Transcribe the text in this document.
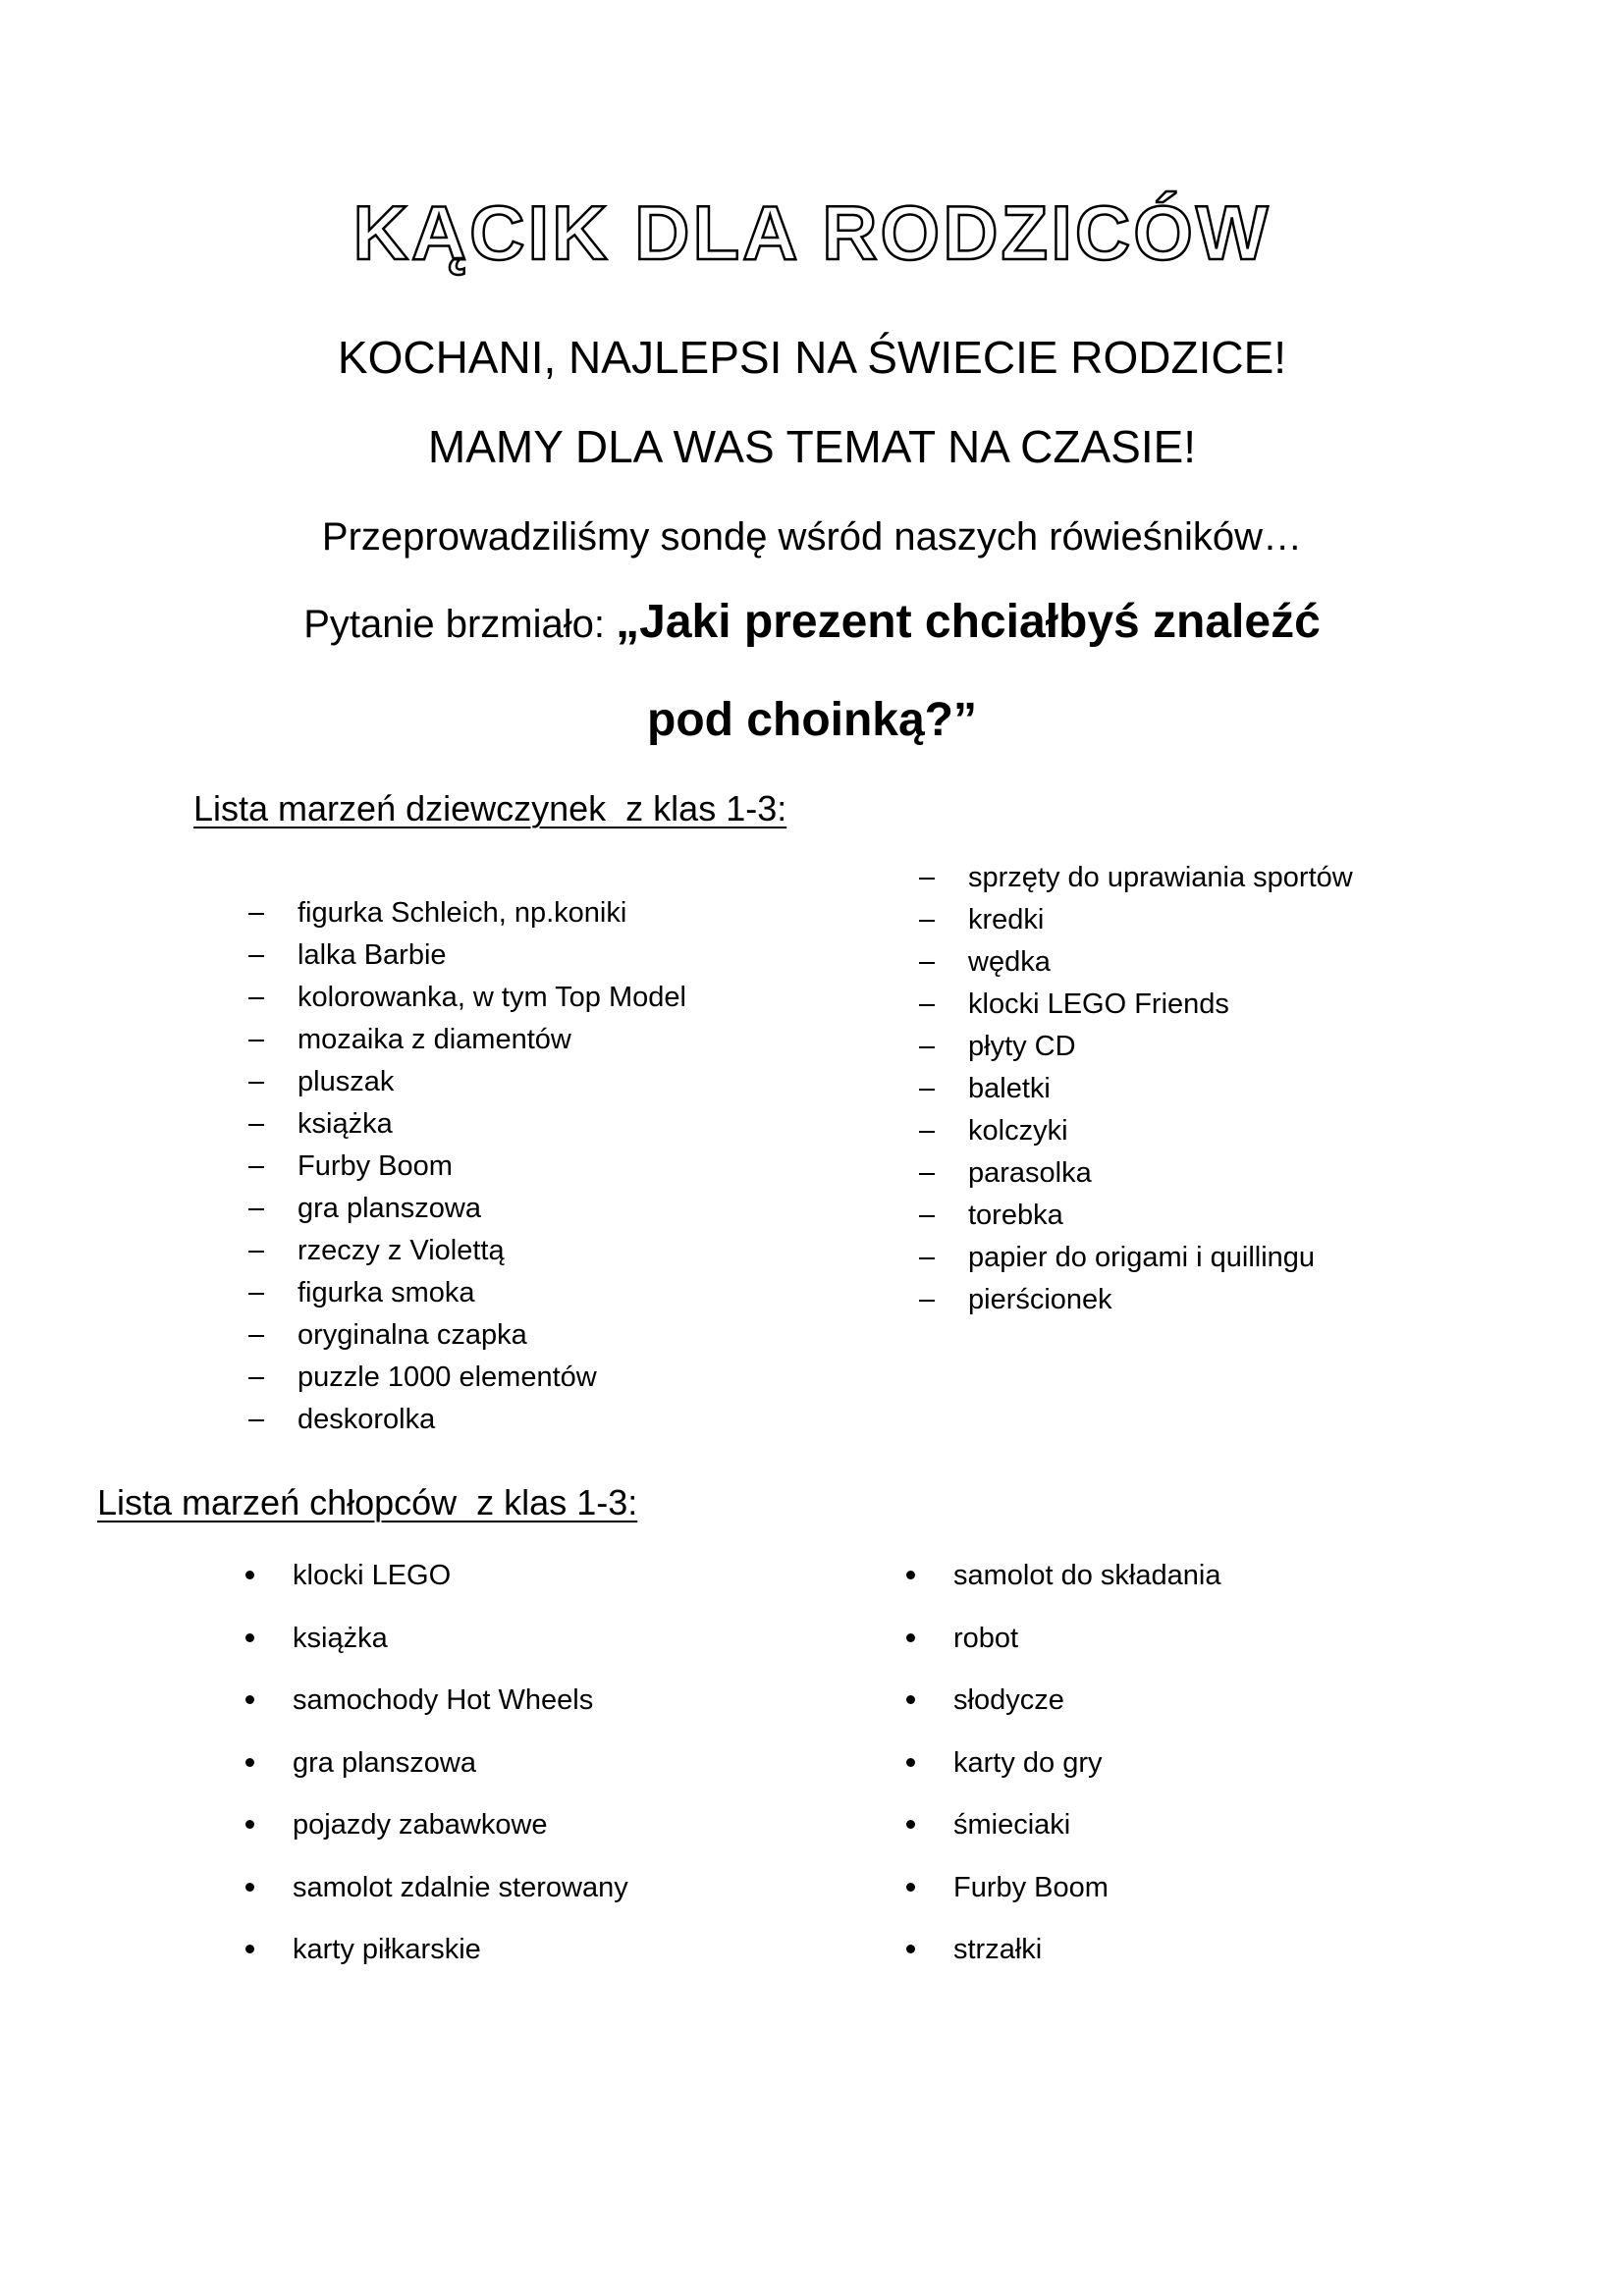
KĄCIK DLA RODZICÓW
KOCHANI, NAJLEPSI NA ŚWIECIE RODZICE!
MAMY DLA WAS TEMAT NA CZASIE!
Przeprowadziliśmy sondę wśród naszych rówieśników…
Pytanie brzmiało: „Jaki prezent chciałbyś znaleźć
pod choinką?”
Lista marzeń dziewczynek  z klas 1-3:
figurka Schleich, np.koniki
lalka Barbie
kolorowanka, w tym Top Model
mozaika z diamentów
pluszak
książka
Furby Boom
gra planszowa
rzeczy z Violettą
figurka smoka
oryginalna czapka
puzzle 1000 elementów
deskorolka
sprzęty do uprawiania sportów
kredki
wędka
klocki LEGO Friends
płyty CD
baletki
kolczyki
parasolka
torebka
papier do origami i quillingu
pierścionek
Lista marzeń chłopców  z klas 1-3:
klocki LEGO
książka
samochody Hot Wheels
gra planszowa
pojazdy zabawkowe
samolot zdalnie sterowany
karty piłkarskie
samolot do składania
robot
słodycze
karty do gry
śmieciaki
Furby Boom
strzałki
